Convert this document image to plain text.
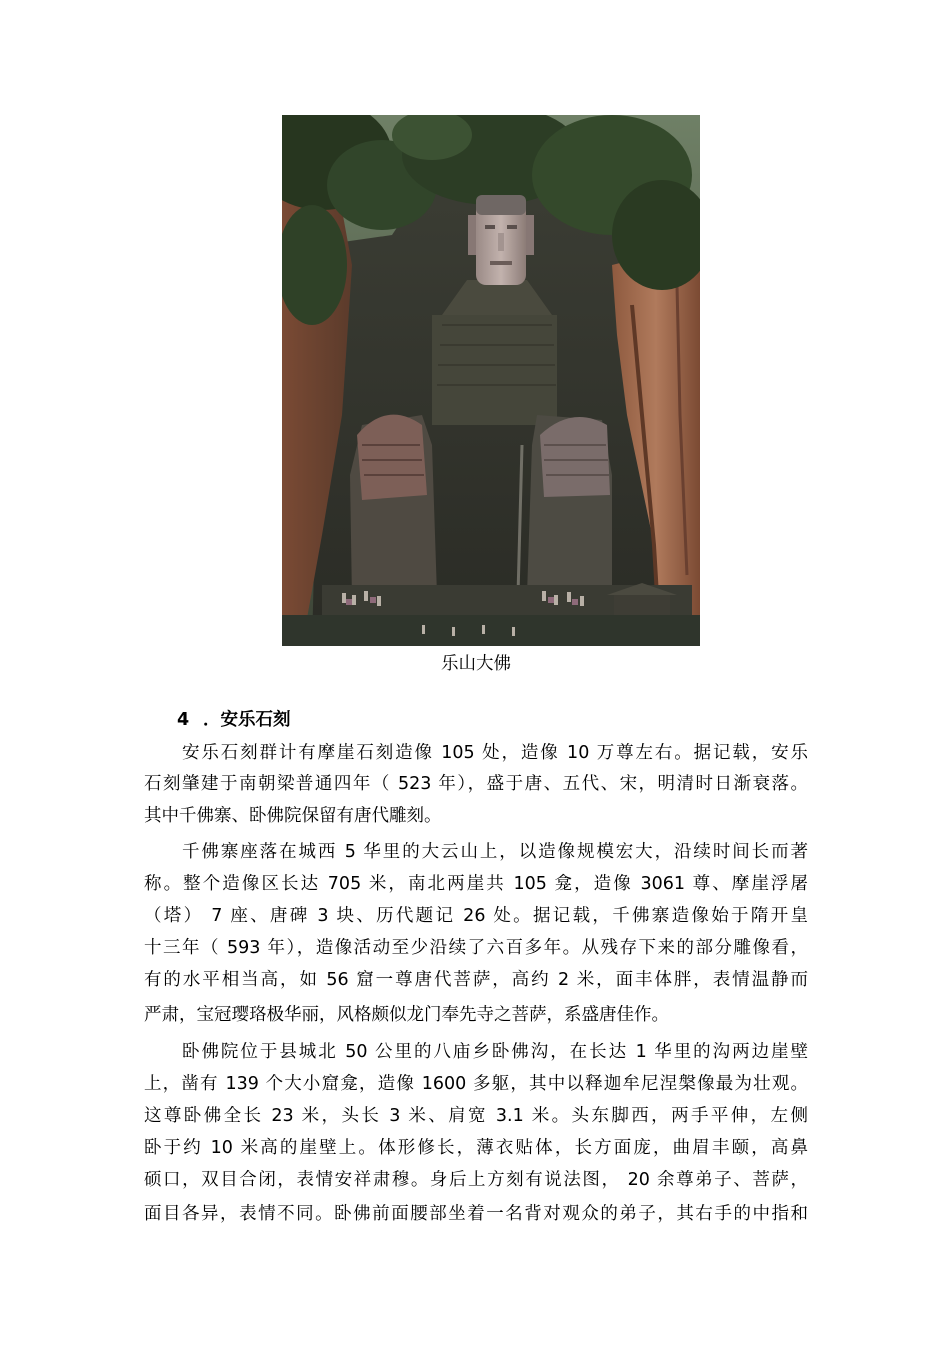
乐山大佛
4 ．安乐石刻
安乐石刻群计有摩崖石刻造像 105 处，造像 10 万尊左右。据记载，安乐
石刻肇建于南朝梁普通四年（ 523 年），盛于唐、五代、宋，明清时日渐衰落。
其中千佛寨、卧佛院保留有唐代雕刻。
千佛寨座落在城西 5 华里的大云山上，以造像规模宏大，沿续时间长而著
称。整个造像区长达 705 米，南北两崖共 105 龛，造像 3061 尊、摩崖浮屠
（塔） 7 座、唐碑 3 块、历代题记 26 处。据记载，千佛寨造像始于隋开皇
十三年（ 593 年），造像活动至少沿续了六百多年。从残存下来的部分雕像看，
有的水平相当高，如 56 窟一尊唐代菩萨，高约 2 米，面丰体胖，表情温静而
严肃，宝冠璎珞极华丽，风格颇似龙门奉先寺之菩萨，系盛唐佳作。
卧佛院位于县城北 50 公里的八庙乡卧佛沟，在长达 1 华里的沟两边崖壁
上，凿有 139 个大小窟龛，造像 1600 多躯，其中以释迦牟尼涅槃像最为壮观。
这尊卧佛全长 23 米，头长 3 米、肩宽 3.1 米。头东脚西，两手平伸，左侧
卧于约 10 米高的崖壁上。体形修长，薄衣贴体，长方面庞，曲眉丰颐，高鼻
硕口，双目合闭，表情安祥肃穆。身后上方刻有说法图， 20 余尊弟子、菩萨，
面目各异，表情不同。卧佛前面腰部坐着一名背对观众的弟子，其右手的中指和
